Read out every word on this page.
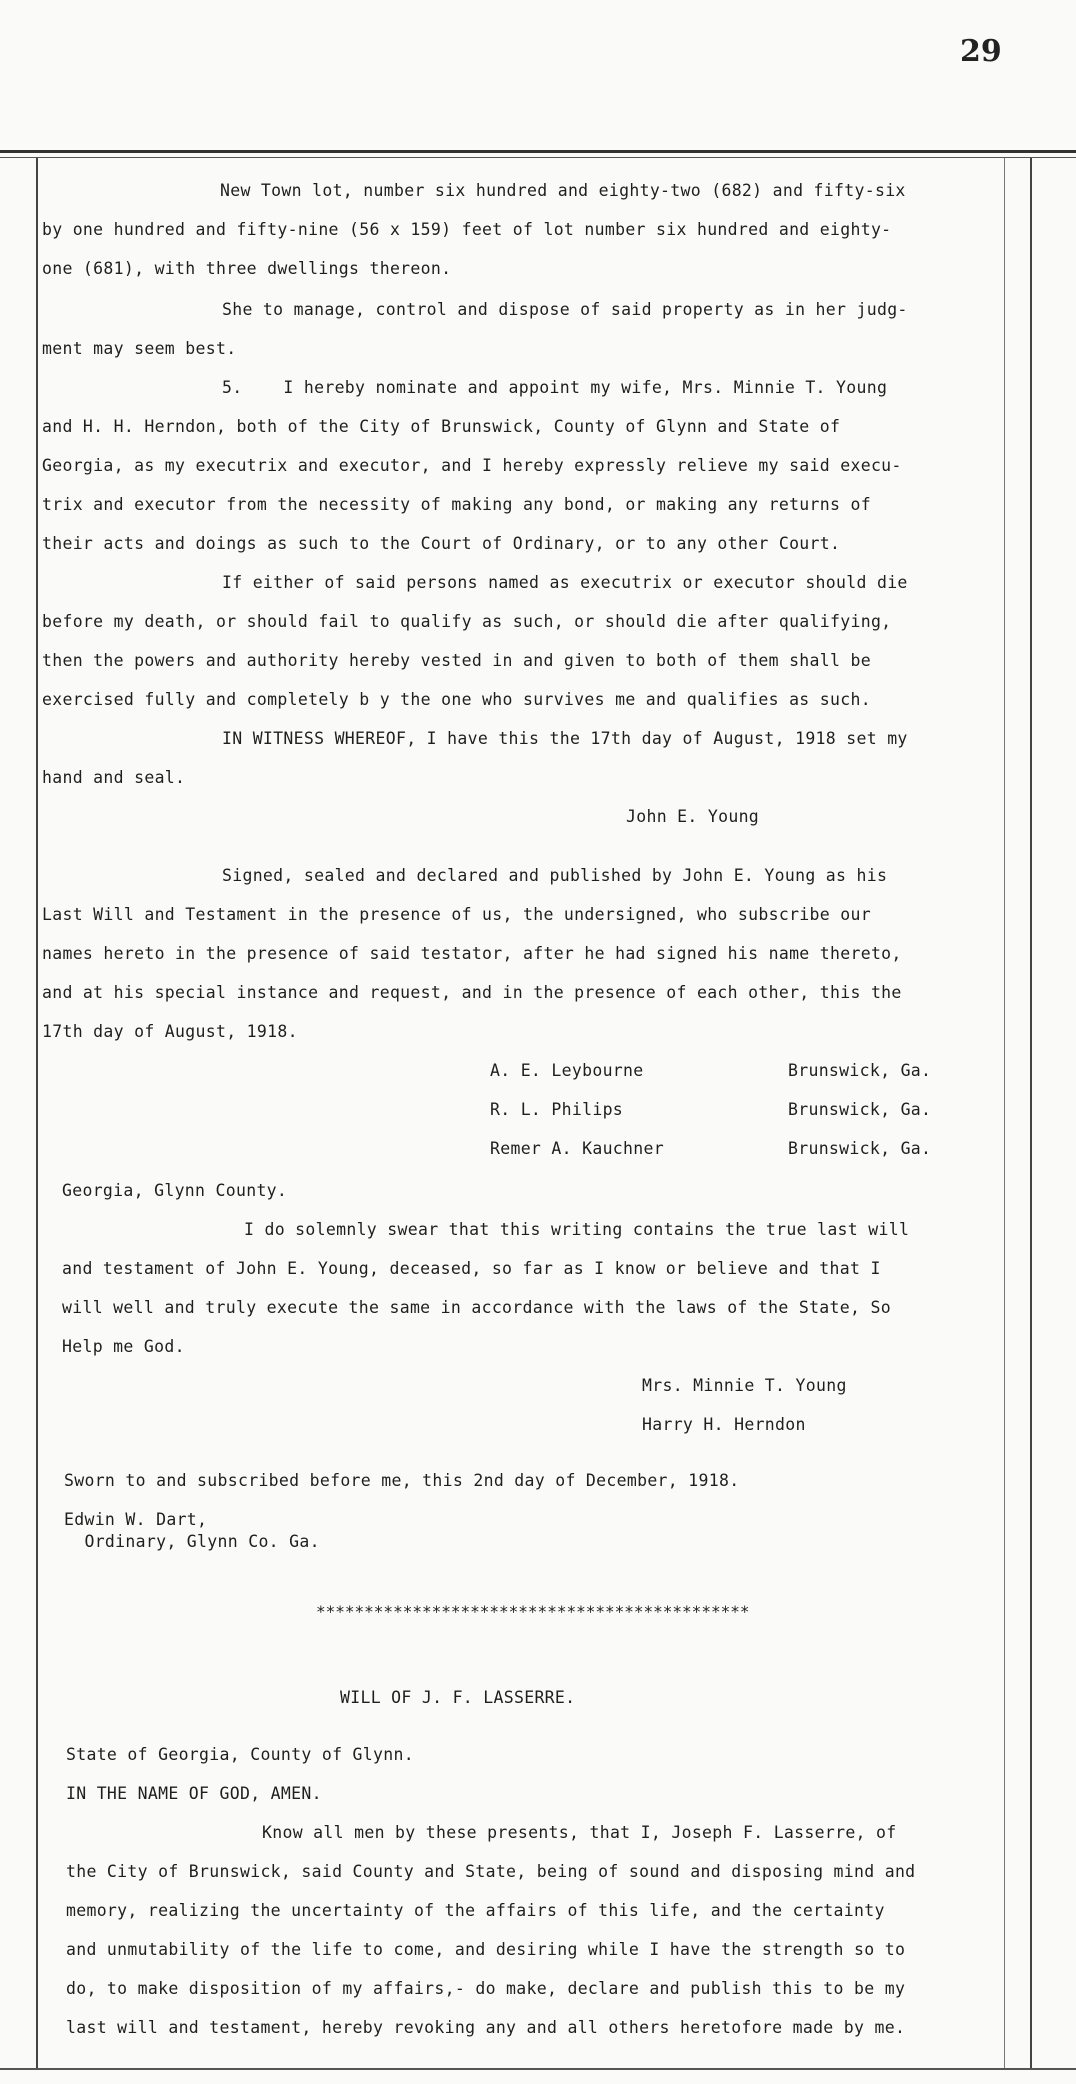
29
New Town lot, number six hundred and eighty-two (682) and fifty-six
by one hundred and fifty-nine (56 x 159) feet of lot number six hundred and eighty-
one (681), with three dwellings thereon.
She to manage, control and dispose of said property as in her judg-
ment may seem best.
5.    I hereby nominate and appoint my wife, Mrs. Minnie T. Young
and H. H. Herndon, both of the City of Brunswick, County of Glynn and State of
Georgia, as my executrix and executor, and I hereby expressly relieve my said execu-
trix and executor from the necessity of making any bond, or making any returns of
their acts and doings as such to the Court of Ordinary, or to any other Court.
If either of said persons named as executrix or executor should die
before my death, or should fail to qualify as such, or should die after qualifying,
then the powers and authority hereby vested in and given to both of them shall be
exercised fully and completely b y the one who survives me and qualifies as such.
IN WITNESS WHEREOF, I have this the 17th day of August, 1918 set my
hand and seal.
John E. Young
Signed, sealed and declared and published by John E. Young as his
Last Will and Testament in the presence of us, the undersigned, who subscribe our
names hereto in the presence of said testator, after he had signed his name thereto,
and at his special instance and request, and in the presence of each other, this the
17th day of August, 1918.
A. E. Leybourne	Brunswick, Ga.
R. L. Philips	Brunswick, Ga.
Remer A. Kauchner	Brunswick, Ga.
Georgia, Glynn County.
I do solemnly swear that this writing contains the true last will
and testament of John E. Young, deceased, so far as I know or believe and that I
will well and truly execute the same in accordance with the laws of the State, So
Help me God.
Mrs. Minnie T. Young
Harry H. Herndon
Sworn to and subscribed before me, this 2nd day of December, 1918.
Edwin W. Dart,
Ordinary, Glynn Co. Ga.
*********************************************
WILL OF J. F. LASSERRE.
State of Georgia, County of Glynn.
IN THE NAME OF GOD, AMEN.
Know all men by these presents, that I, Joseph F. Lasserre, of
the City of Brunswick, said County and State, being of sound and disposing mind and
memory, realizing the uncertainty of the affairs of this life, and the certainty
and unmutability of the life to come, and desiring while I have the strength so to
do, to make disposition of my affairs,- do make, declare and publish this to be my
last will and testament, hereby revoking any and all others heretofore made by me.
